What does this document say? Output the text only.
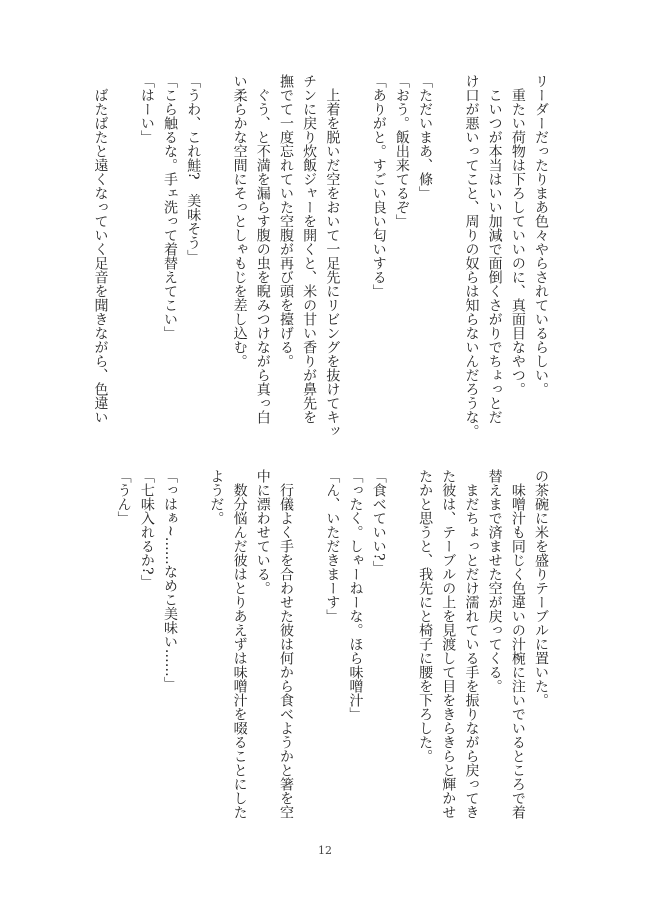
リーダーだったりまあ色々やらされているらしい。
　重たい荷物は下ろしていいのに、真面目なやつ。
　こいつが本当はいい加減で面倒くさがりでちょっとだ
け口が悪いってこと、周りの奴らは知らないんだろうな。
「ただいまあ、條」
「おう。飯出来てるぞ」
「ありがと。すごい良い匂いする」
　上着を脱いだ空をおいて一足先にリビングを抜けてキッ
チンに戻り炊飯ジャーを開くと、米の甘い香りが鼻先を
撫でて一度忘れていた空腹が再び頭を擡げる。
　ぐう、と不満を漏らす腹の虫を睨みつけながら真っ白
い柔らかな空間にそっとしゃもじを差し込む。
「うわ、これ鮭?　美味そう」
「こら触るな。手ェ洗って着替えてこい」
「はーい」
　ばたばたと遠くなっていく足音を聞きながら、色違い
の茶碗に米を盛りテーブルに置いた。
　味噌汁も同じく色違いの汁椀に注いでいるところで着
替えまで済ませた空が戻ってくる。
　まだちょっとだけ濡れている手を振りながら戻ってき
た彼は、テーブルの上を見渡して目をきらきらと輝かせ
たかと思うと、我先にと椅子に腰を下ろした。
「食べていい?」
「ったく。しゃーねーな。ほら味噌汁」
「ん、いただきまーす」
　行儀よく手を合わせた彼は何から食べようかと箸を空
中に漂わせている。
　数分悩んだ彼はとりあえずは味噌汁を啜ることにした
ようだ。
「っはぁ~……なめこ美味い……」
「七味入れるか?」
「うん」
12
